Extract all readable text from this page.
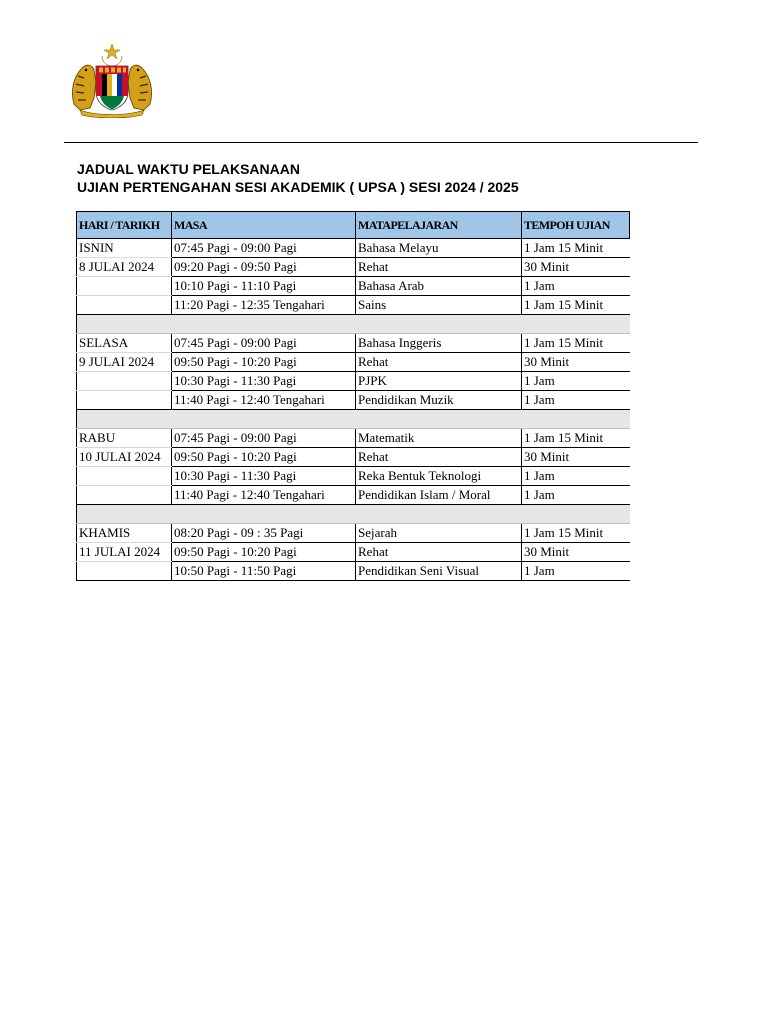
JADUAL WAKTU PELAKSANAAN
UJIAN PERTENGAHAN SESI AKADEMIK ( UPSA ) SESI 2024 / 2025
HARI / TARIKH	MASA	MATAPELAJARAN	TEMPOH UJIAN
ISNIN	07:45 Pagi - 09:00 Pagi	Bahasa Melayu	1 Jam 15 Minit
8 JULAI 2024	09:20 Pagi - 09:50 Pagi	Rehat	30 Minit
	10:10 Pagi - 11:10 Pagi	Bahasa Arab	1 Jam
	11:20 Pagi - 12:35 Tengahari	Sains	1 Jam 15 Minit

SELASA	07:45 Pagi - 09:00 Pagi	Bahasa Inggeris	1 Jam 15 Minit
9 JULAI 2024	09:50 Pagi - 10:20 Pagi	Rehat	30 Minit
	10:30 Pagi - 11:30 Pagi	PJPK	1 Jam
	11:40 Pagi - 12:40 Tengahari	Pendidikan Muzik	1 Jam

RABU	07:45 Pagi - 09:00 Pagi	Matematik	1 Jam 15 Minit
10 JULAI 2024	09:50 Pagi - 10:20 Pagi	Rehat	30 Minit
	10:30 Pagi - 11:30 Pagi	Reka Bentuk Teknologi	1 Jam
	11:40 Pagi - 12:40 Tengahari	Pendidikan Islam / Moral	1 Jam

KHAMIS	08:20 Pagi - 09 : 35 Pagi	Sejarah	1 Jam 15 Minit
11 JULAI 2024	09:50 Pagi - 10:20 Pagi	Rehat	30 Minit
	10:50 Pagi - 11:50 Pagi	Pendidikan Seni Visual	1 Jam
